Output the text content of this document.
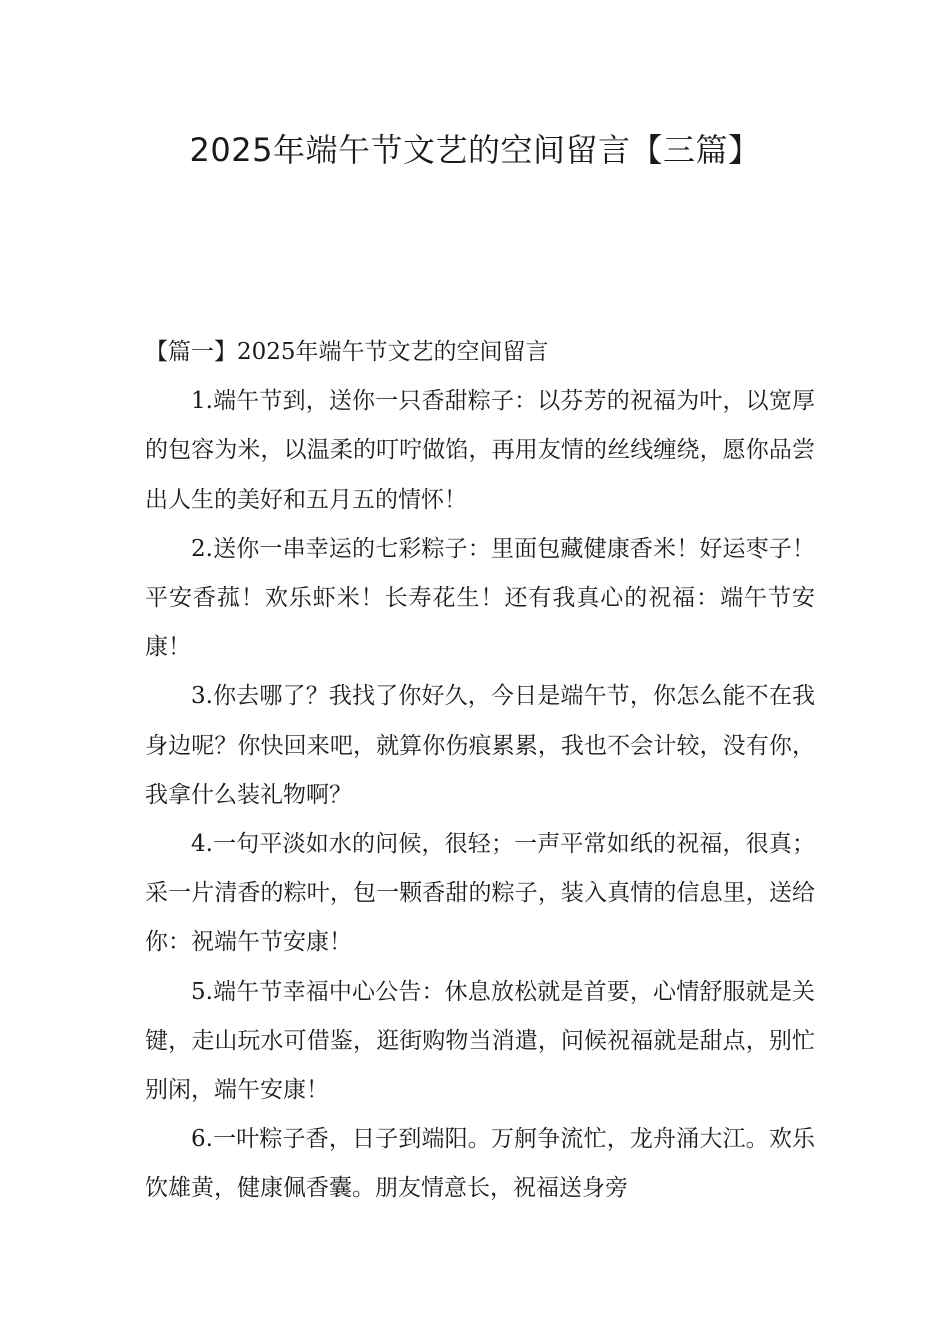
2025年端午节文艺的空间留言【三篇】

【篇一】2025年端午节文艺的空间留言

1.端午节到，送你一只香甜粽子：以芬芳的祝福为叶，以宽厚的包容为米，以温柔的叮咛做馅，再用友情的丝线缠绕，愿你品尝出人生的美好和五月五的情怀！

2.送你一串幸运的七彩粽子：里面包藏健康香米！好运枣子！平安香菰！欢乐虾米！长寿花生！还有我真心的祝福：端午节安康！

3.你去哪了？我找了你好久，今日是端午节，你怎么能不在我身边呢？你快回来吧，就算你伤痕累累，我也不会计较，没有你，我拿什么装礼物啊？

4.一句平淡如水的问候，很轻；一声平常如纸的祝福，很真；采一片清香的粽叶，包一颗香甜的粽子，装入真情的信息里，送给你：祝端午节安康！

5.端午节幸福中心公告：休息放松就是首要，心情舒服就是关键，走山玩水可借鉴，逛街购物当消遣，问候祝福就是甜点，别忙别闲，端午安康！

6.一叶粽子香，日子到端阳。万舸争流忙，龙舟涌大江。欢乐饮雄黄，健康佩香囊。朋友情意长，祝福送身旁
